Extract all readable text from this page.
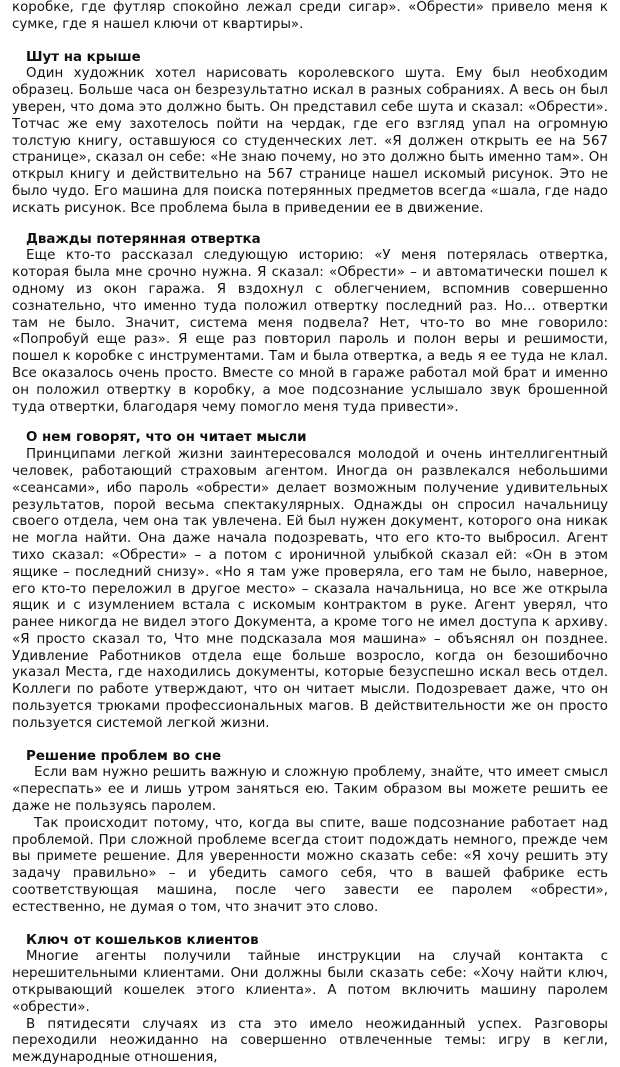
коробке, где футляр спокойно лежал среди сигар». «Обрести» привело меня к сумке, где я нашел ключи от квартиры».

Шут на крыше

Один художник хотел нарисовать королевского шута. Ему был необходим образец. Больше часа он безрезультатно искал в разных собраниях. А весь он был уверен, что дома это должно быть. Он представил себе шута и сказал: «Обрести». Тотчас же ему захотелось пойти на чердак, где его взгляд упал на огромную толстую книгу, оставшуюся со студенческих лет. «Я должен открыть ее на 567 странице», сказал он себе: «Не знаю почему, но это должно быть именно там». Он открыл книгу и действительно на 567 странице нашел искомый рисунок. Это не было чудо. Его машина для поиска потерянных предметов всегда «шала, где надо искать рисунок. Все проблема была в приведении ее в движение.

Дважды потерянная отвертка

Еще кто-то рассказал следующую историю: «У меня потерялась отвертка, которая была мне срочно нужна. Я сказал: «Обрести» – и автоматически пошел к одному из окон гаража. Я вздохнул с облегчением, вспомнив совершенно сознательно, что именно туда положил отвертку последний раз. Но... отвертки там не было. Значит, система меня подвела? Нет, что-то во мне говорило: «Попробуй еще раз». Я еще раз повторил пароль и полон веры и решимости, пошел к коробке с инструментами. Там и была отвертка, а ведь я ее туда не клал. Все оказалось очень просто. Вместе со мной в гараже работал мой брат и именно он положил отвертку в коробку, а мое подсознание услышало звук брошенной туда отвертки, благодаря чему помогло меня туда привести».

О нем говорят, что он читает мысли

Принципами легкой жизни заинтересовался молодой и очень интеллигентный человек, работающий страховым агентом. Иногда он развлекался небольшими «сеансами», ибо пароль «обрести» делает возможным получение удивительных результатов, порой весьма спектакулярных. Однажды он спросил начальницу своего отдела, чем она так увлечена. Ей был нужен документ, которого она никак не могла найти. Она даже начала подозревать, что его кто-то выбросил. Агент тихо сказал: «Обрести» – а потом с ироничной улыбкой сказал ей: «Он в этом ящике – последний снизу». «Но я там уже проверяла, его там не было, наверное, его кто-то переложил в другое место» – сказала начальница, но все же открыла ящик и с изумлением встала с искомым контрактом в руке. Агент уверял, что ранее никогда не видел этого Документа, а кроме того не имел доступа к архиву. «Я просто сказал то, Что мне подсказала моя машина» – объяснял он позднее. Удивление Работников отдела еще больше возросло, когда он безошибочно указал Места, где находились документы, которые безуспешно искал весь отдел. Коллеги по работе утверждают, что он читает мысли. Подозревает даже, что он пользуется трюками профессиональных магов. В действительности же он просто пользуется системой легкой жизни.

Решение проблем во сне

Если вам нужно решить важную и сложную проблему, знайте, что имеет смысл «переспать» ее и лишь утром заняться ею. Таким образом вы можете решить ее даже не пользуясь паролем.

Так происходит потому, что, когда вы спите, ваше подсознание работает над проблемой. При сложной проблеме всегда стоит подождать немного, прежде чем вы примете решение. Для уверенности можно сказать себе: «Я хочу решить эту задачу правильно» – и убедить самого себя, что в вашей фабрике есть соответствующая машина, после чего завести ее паролем «обрести», естественно, не думая о том, что значит это слово.

Ключ от кошельков клиентов

Многие агенты получили тайные инструкции на случай контакта с нерешительными клиентами. Они должны были сказать себе: «Хочу найти ключ, открывающий кошелек этого клиента». А потом включить машину паролем «обрести».

В пятидесяти случаях из ста это имело неожиданный успех. Разговоры переходили неожиданно на совершенно отвлеченные темы: игру в кегли, международные отношения,
